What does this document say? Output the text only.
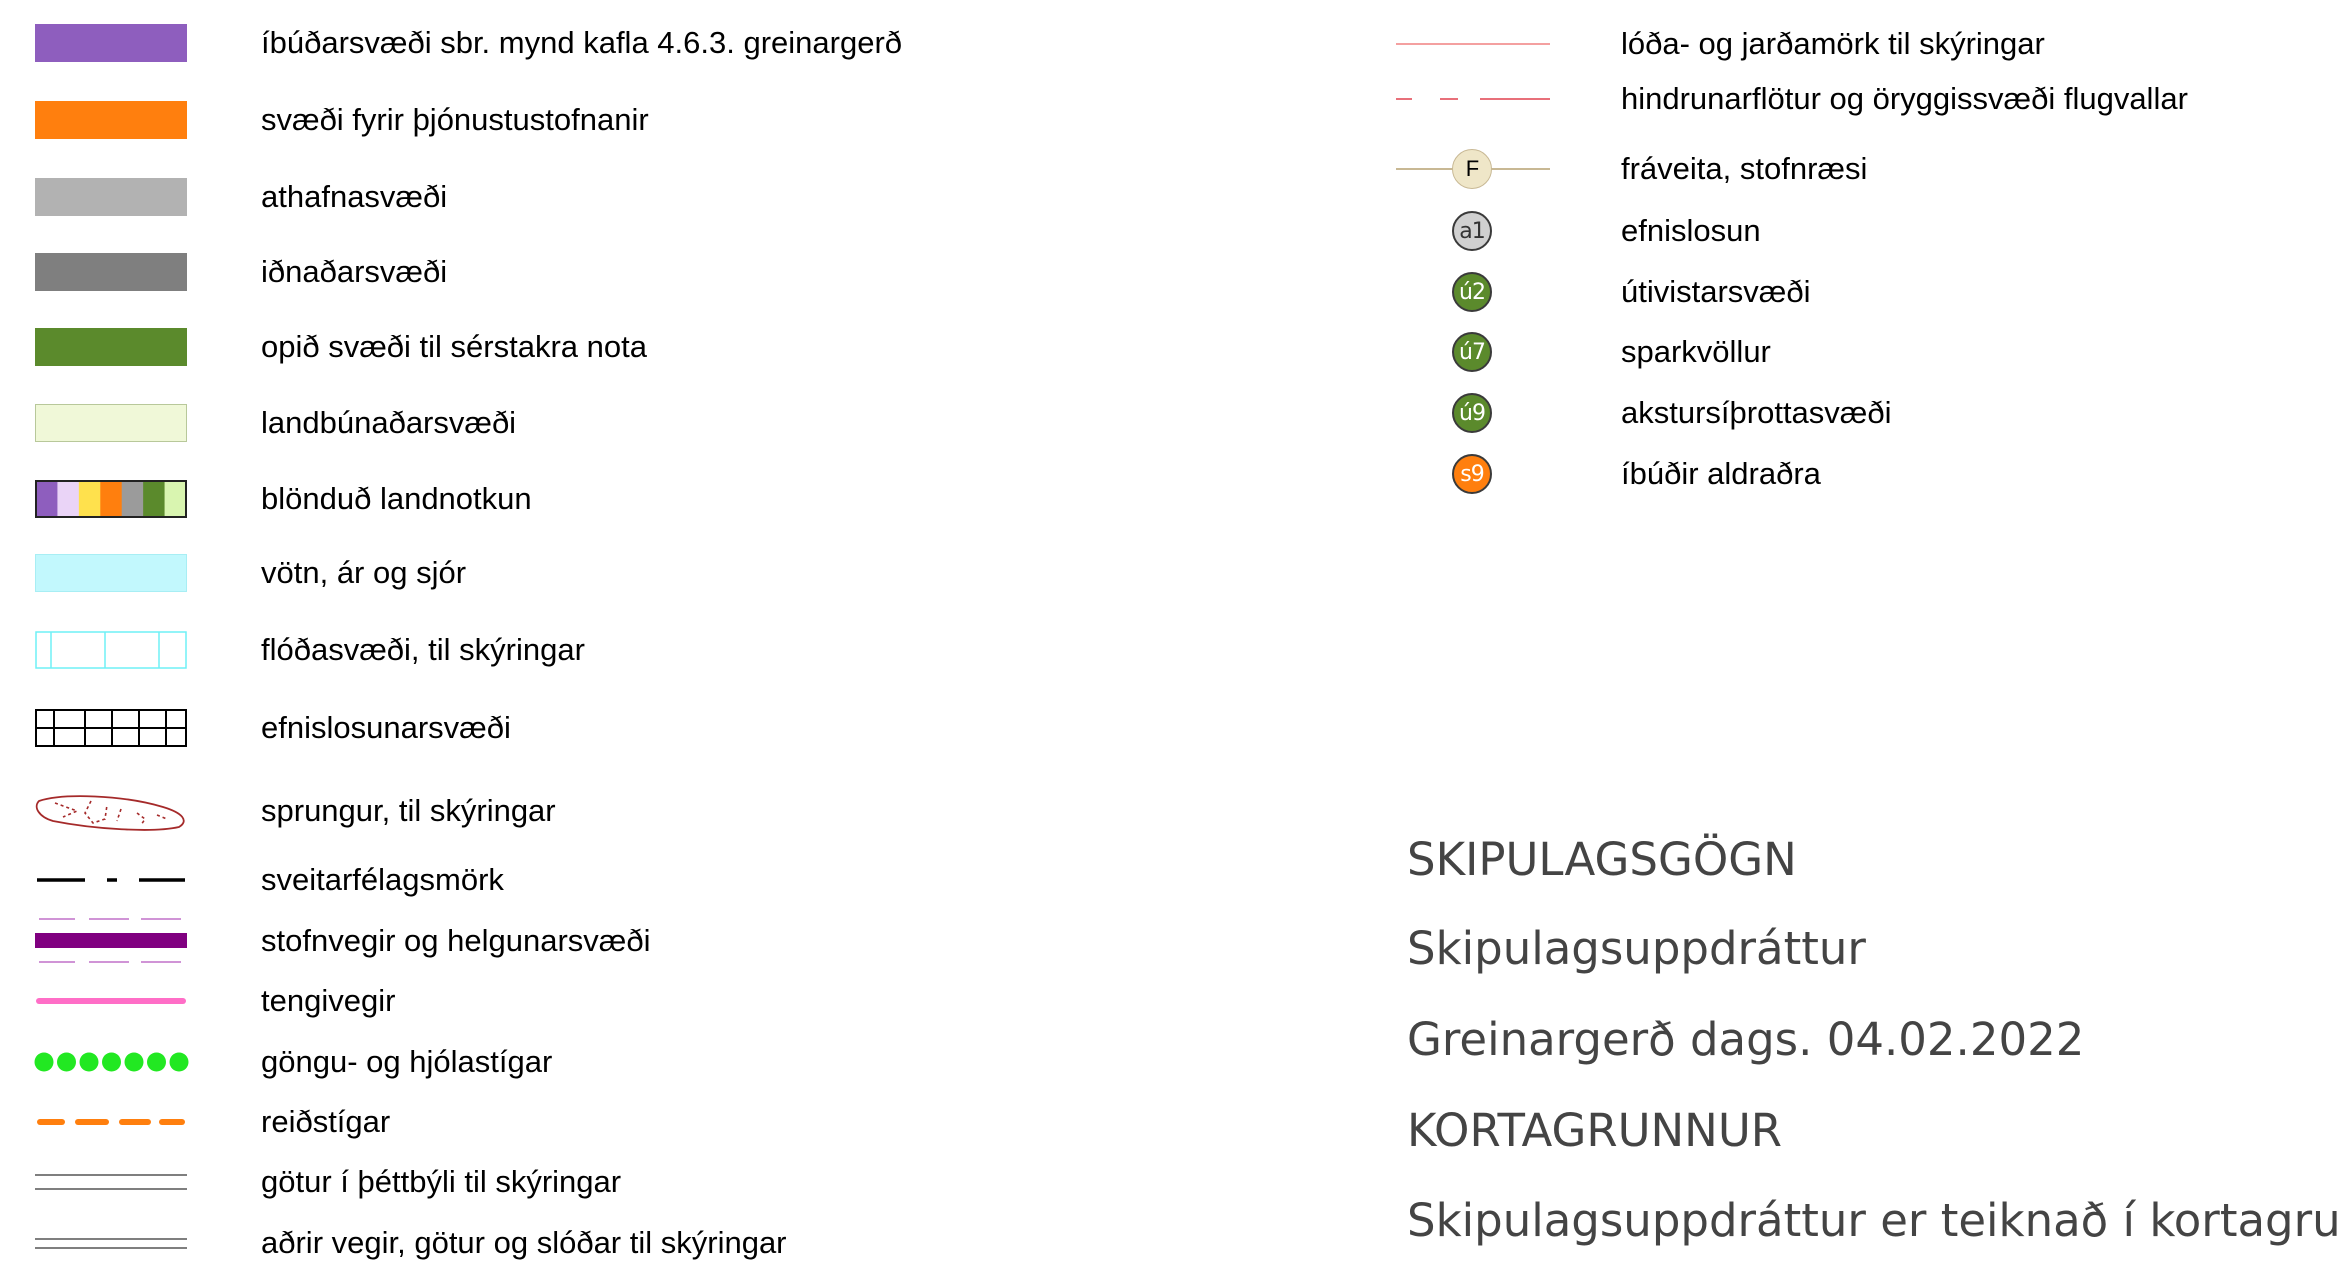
íbúðarsvæði sbr. mynd kafla 4.6.3. greinargerð
svæði fyrir þjónustustofnanir
athafnasvæði
iðnaðarsvæði
opið svæði til sérstakra nota
landbúnaðarsvæði
blönduð landnotkun
vötn, ár og sjór
flóðasvæði, til skýringar
efnislosunarsvæði
sprungur, til skýringar
sveitarfélagsmörk
stofnvegir og helgunarsvæði
tengivegir
göngu- og hjólastígar
reiðstígar
götur í þéttbýli til skýringar
aðrir vegir, götur og slóðar til skýringar
lóða- og jarðamörk til skýringar
hindrunarflötur og öryggissvæði flugvallar
F	fráveita, stofnræsi
a1	efnislosun
ú2	útivistarsvæði
ú7	sparkvöllur
ú9	akstursíþrottasvæði
s9	íbúðir aldraðra
SKIPULAGSGÖGN
Skipulagsuppdráttur
Greinargerð dags. 04.02.2022
KORTAGRUNNUR
Skipulagsuppdráttur er teiknað í kortagru
